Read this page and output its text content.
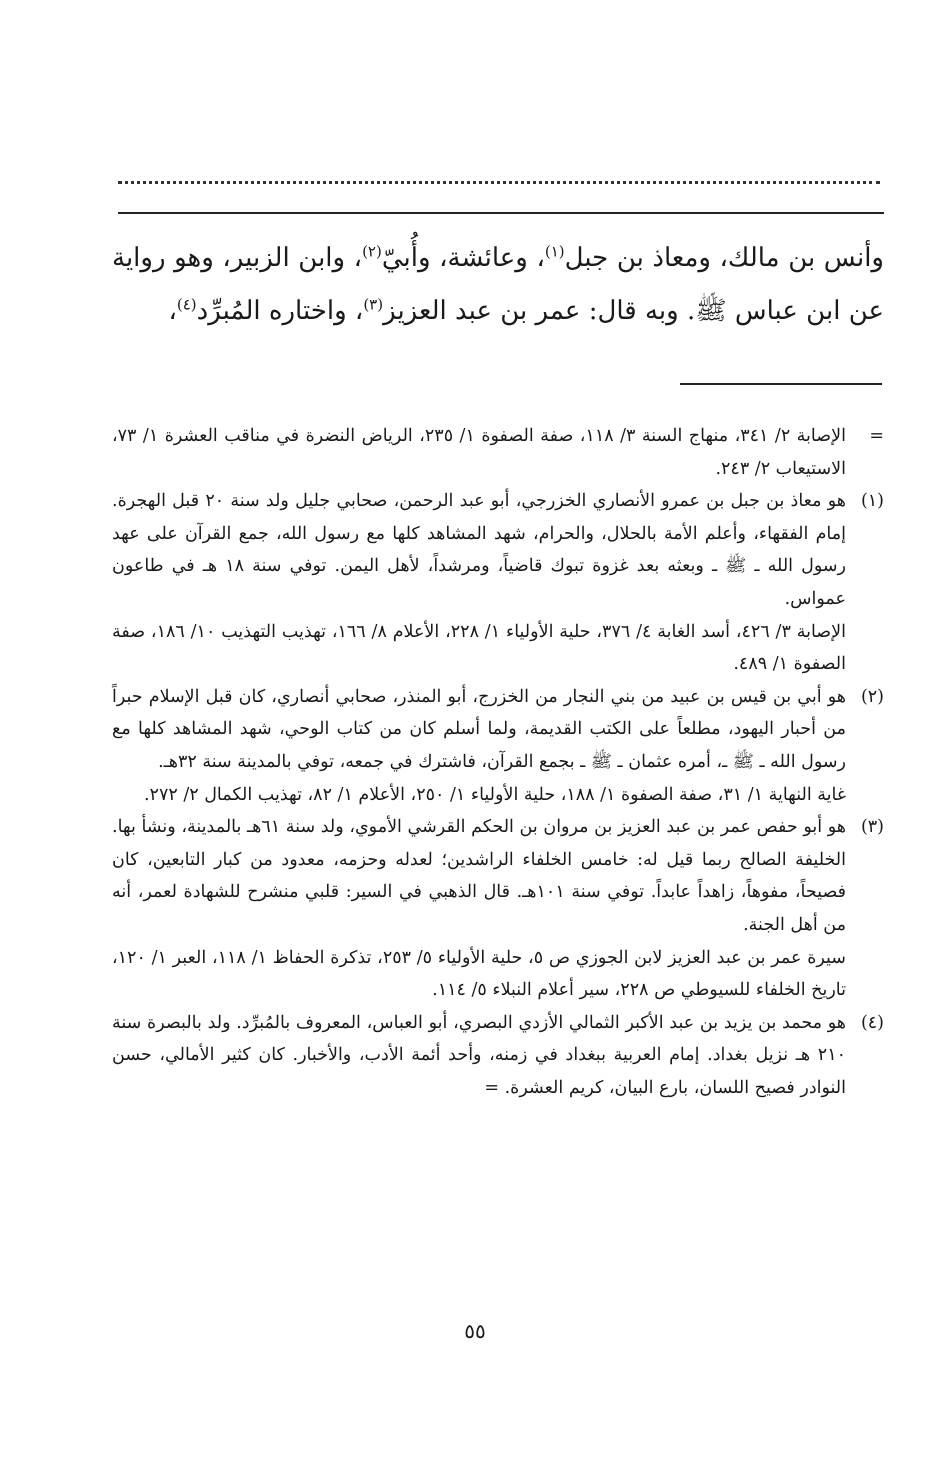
وأنس بن مالك، ومعاذ بن جبل$^{(١)}$، وعائشة، وأُبيّ$^{(٢)}$، وابن الزبير، وهو رواية عن ابن عباس ﷺ. وبه قال: عمر بن عبد العزيز$^{(٣)}$، واختاره المُبرِّد$^{(٤)}$،
=

الإصابة ٢/ ٣٤١، منهاج السنة ٣/ ١١٨، صفة الصفوة ١/ ٢٣٥، الرياض النضرة في مناقب العشرة ١/ ٧٣، الاستيعاب ٢/ ٢٤٣.

(١)

هو معاذ بن جبل بن عمرو الأنصاري الخزرجي، أبو عبد الرحمن، صحابي جليل ولد سنة ٢٠ قبل الهجرة. إمام الفقهاء، وأعلم الأمة بالحلال، والحرام، شهد المشاهد كلها مع رسول الله، جمع القرآن على عهد رسول الله ـ ﷺ ـ وبعثه بعد غزوة تبوك قاضياً، ومرشداً، لأهل اليمن. توفي سنة ١٨ هـ في طاعون عمواس.

الإصابة ٣/ ٤٢٦، أسد الغابة ٤/ ٣٧٦، حلية الأولياء ١/ ٢٢٨، الأعلام ٨/ ١٦٦، تهذيب التهذيب ١٠/ ١٨٦، صفة الصفوة ١/ ٤٨٩.

(٢)

هو أبي بن قيس بن عبيد من بني النجار من الخزرج، أبو المنذر، صحابي أنصاري، كان قبل الإسلام حبراً من أحبار اليهود، مطلعاً على الكتب القديمة، ولما أسلم كان من كتاب الوحي، شهد المشاهد كلها مع رسول الله ـ ﷺ ـ، أمره عثمان ـ ﷺ ـ بجمع القرآن، فاشترك في جمعه، توفي بالمدينة سنة ٣٢هـ.

غاية النهاية ١/ ٣١، صفة الصفوة ١/ ١٨٨، حلية الأولياء ١/ ٢٥٠، الأعلام ١/ ٨٢، تهذيب الكمال ٢/ ٢٧٢.

(٣)

هو أبو حفص عمر بن عبد العزيز بن مروان بن الحكم القرشي الأموي، ولد سنة ٦١هـ بالمدينة، ونشأ بها. الخليفة الصالح ربما قيل له: خامس الخلفاء الراشدين؛ لعدله وحزمه، معدود من كبار التابعين، كان فصيحاً، مفوهاً، زاهداً عابداً. توفي سنة ١٠١هـ. قال الذهبي في السير: قلبي منشرح للشهادة لعمر، أنه من أهل الجنة.

سيرة عمر بن عبد العزيز لابن الجوزي ص ٥، حلية الأولياء ٥/ ٢٥٣، تذكرة الحفاظ ١/ ١١٨، العبر ١/ ١٢٠، تاريخ الخلفاء للسيوطي ص ٢٢٨، سير أعلام النبلاء ٥/ ١١٤.

(٤)

هو محمد بن يزيد بن عبد الأكبر الثمالي الأزدي البصري، أبو العباس، المعروف بالمُبرِّد. ولد بالبصرة سنة ٢١٠ هـ نزيل بغداد. إمام العربية ببغداد في زمنه، وأحد أئمة الأدب، والأخبار. كان كثير الأمالي، حسن النوادر فصيح اللسان، بارع البيان، كريم العشرة. =

٥٥
